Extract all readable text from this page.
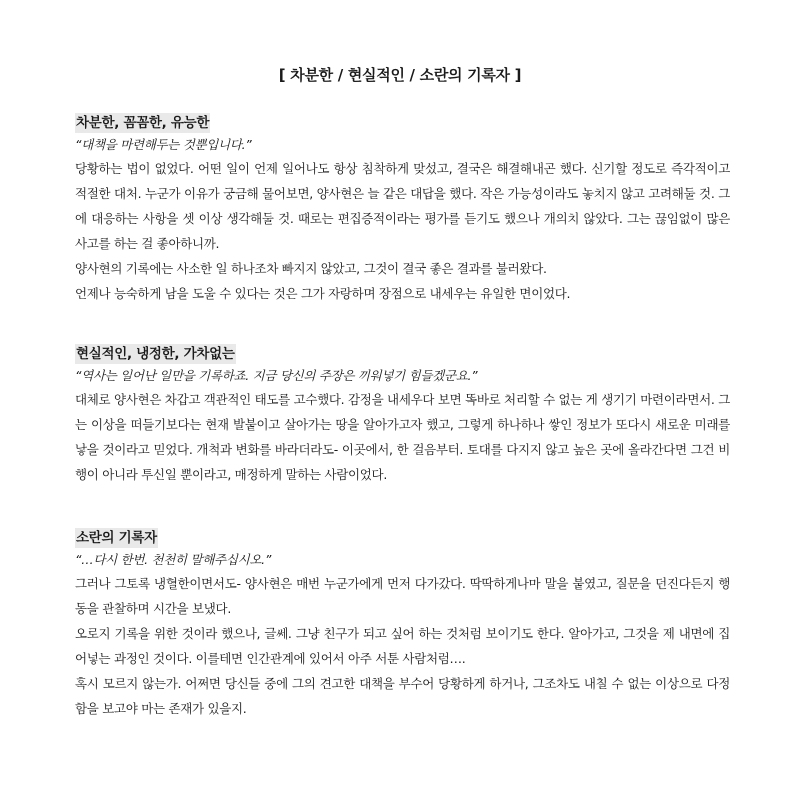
[ 차분한 / 현실적인 / 소란의 기록자 ]
차분한, 꼼꼼한, 유능한

“대책을 마련해두는 것뿐입니다.”

당황하는 법이 없었다. 어떤 일이 언제 일어나도 항상 침착하게 맞섰고, 결국은 해결해내곤 했다. 신기할 정도로 즉각적이고 적절한 대처. 누군가 이유가 궁금해 물어보면, 양사현은 늘 같은 대답을 했다. 작은 가능성이라도 놓치지 않고 고려해둘 것. 그에 대응하는 사항을 셋 이상 생각해둘 것. 때로는 편집증적이라는 평가를 듣기도 했으나 개의치 않았다. 그는 끊임없이 많은 사고를 하는 걸 좋아하니까.

양사현의 기록에는 사소한 일 하나조차 빠지지 않았고, 그것이 결국 좋은 결과를 불러왔다.

언제나 능숙하게 남을 도울 수 있다는 것은 그가 자랑하며 장점으로 내세우는 유일한 면이었다.

현실적인, 냉정한, 가차없는

“역사는 일어난 일만을 기록하죠. 지금 당신의 주장은 끼워넣기 힘들겠군요.”

대체로 양사현은 차갑고 객관적인 태도를 고수했다. 감정을 내세우다 보면 똑바로 처리할 수 없는 게 생기기 마련이라면서. 그는 이상을 떠들기보다는 현재 발붙이고 살아가는 땅을 알아가고자 했고, 그렇게 하나하나 쌓인 정보가 또다시 새로운 미래를 낳을 것이라고 믿었다. 개척과 변화를 바라더라도- 이곳에서, 한 걸음부터. 토대를 다지지 않고 높은 곳에 올라간다면 그건 비행이 아니라 투신일 뿐이라고, 매정하게 말하는 사람이었다.

소란의 기록자

“…다시 한번. 천천히 말해주십시오.”

그러나 그토록 냉혈한이면서도- 양사현은 매번 누군가에게 먼저 다가갔다. 딱딱하게나마 말을 붙였고, 질문을 던진다든지 행동을 관찰하며 시간을 보냈다.

오로지 기록을 위한 것이라 했으나, 글쎄. 그냥 친구가 되고 싶어 하는 것처럼 보이기도 한다. 알아가고, 그것을 제 내면에 집어넣는 과정인 것이다. 이를테면 인간관계에 있어서 아주 서툰 사람처럼….

혹시 모르지 않는가. 어쩌면 당신들 중에 그의 견고한 대책을 부수어 당황하게 하거나, 그조차도 내칠 수 없는 이상으로 다정함을 보고야 마는 존재가 있을지.
